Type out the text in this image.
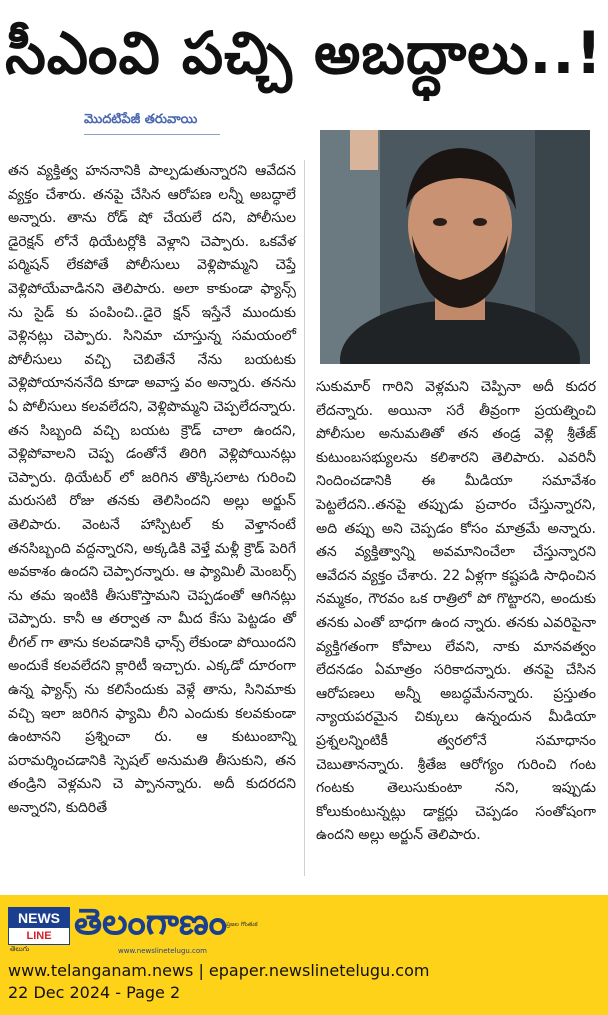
సీఎంవి పచ్చి అబద్ధాలు..!
మొదటిపేజీ తరువాయి

తన వ్యక్తిత్వ హననానికి పాల్పడుతున్నారని ఆవేదన వ్యక్తం చేశారు. తనపై చేసిన ఆరోపణ లన్నీ అబద్ధాలే అన్నారు. తాను రోడ్ షో చేయలే దని, పోలీసుల డైరెక్షన్ లోనే థియేటర్లోకి వెళ్లాని చెప్పారు. ఒకవేళ పర్మిషన్ లేకపోతే పోలీసులు వెళ్లిపొమ్మని చెప్తే వెళ్లిపోయేవాడినని తెలిపారు. అలా కాకుండా ఫ్యాన్స్ ను సైడ్ కు పంపించి..డైరె క్షన్ ఇస్తేనే ముందుకు వెళ్లినట్లు చెప్పారు. సినిమా చూస్తున్న సమయంలో పోలీసులు వచ్చి చెబితేనే నేను బయటకు వెళ్లిపోయానననేది కూడా అవాస్త వం అన్నారు. తనను ఏ పోలీసులు కలవలేదని, వెళ్లిపొమ్మని చెప్పలేదన్నారు. తన సిబ్బంది వచ్చి బయట క్రౌడ్ చాలా ఉందని, వెళ్లిపోవాలని చెప్ప డంతోనే తిరిగి వెళ్లిపోయినట్లు చెప్పారు. థియేటర్ లో జరిగిన తొక్కిసలాట గురించి మరుసటి రోజు తనకు తెలిసిందని అల్లు అర్జున్ తెలిపారు. వెంటనే హాస్పిటల్ కు వెళ్తానంటే తనసిబ్బంది వద్దన్నారని, అక్కడికి వెళ్తే మళ్లీ క్రౌడ్ పెరిగే అవకాశం ఉందని చెప్పారన్నారు. ఆ ఫ్యామిలీ మెంబర్స్ ను తమ ఇంటికి తీసుకొస్తామని చెప్పడంతో ఆగినట్లు చెప్పారు. కానీ ఆ తర్వాత నా మీద కేసు పెట్టడం తో లీగల్ గా తాను కలవడానికి ఛాన్స్ లేకుండా పోయిందని అందుకే కలవలేదని క్లారిటీ ఇచ్చారు. ఎక్కడో దూరంగా ఉన్న ఫ్యాన్స్ ను కలిసేందుకు వెళ్లే తాను, సినిమాకు వచ్చి ఇలా జరిగిన ఫ్యామి లీని ఎందుకు కలవకుండా ఉంటానని ప్రశ్నించా రు. ఆ కుటుంబాన్ని పరామర్శించడానికి స్పెషల్ అనుమతి తీసుకుని, తన తండ్రిని వెళ్లమని చె ప్పానన్నారు. అదీ కుదరదని అన్నారని, కుదిరితే

సుకుమార్ గారిని వెళ్లమని చెప్పినా అదీ కుదర లేదన్నారు. అయినా సరే తీవ్రంగా ప్రయత్నించి పోలీసుల అనుమతితో తన తండ్ర వెళ్లి శ్రీతేజ్ కుటుంబసభ్యులను కలిశారని తెలిపారు. ఎవరినీ నిందించడానికి ఈ మీడియా సమావేశం పెట్టలేదని..తనపై తప్పుడు ప్రచారం చేస్తున్నారని, అది తప్పు అని చెప్పడం కోసం మాత్రమే అన్నారు. తన వ్యక్తిత్వాన్ని అవమానించేలా చేస్తున్నారని ఆవేదన వ్యక్తం చేశారు. 22 ఏళ్లగా కష్టపడి సాధించిన నమ్మకం, గౌరవం ఒక రాత్రిలో పో గొట్టారని, అందుకు తనకు ఎంతో బాధగా ఉంద న్నారు. తనకు ఎవరిపైనా వ్యక్తిగతంగా కోపాలు లేవని, నాకు మానవత్వం లేదనడం ఏమాత్రం సరికాదన్నారు. తనపై చేసిన ఆరోపణలు అన్నీ అబద్ధమేనన్నారు. ప్రస్తుతం న్యాయపరమైన చిక్కులు ఉన్నందున మీడియా ప్రశ్నలన్నింటికీ త్వరలోనే సమాధానం చెబుతానన్నారు. శ్రీతేజ ఆరోగ్యం గురించి గంట గంటకు తెలుసుకుంటా నని, ఇప్పుడు కోలుకుంటున్నట్లు డాక్టర్లు చెప్పడం సంతోషంగా ఉందని అల్లు అర్జున్ తెలిపారు.

NEWS
LINE
తెలుగు
తెలంగాణం
www.newslinetelugu.com
ప్రజల గొంతుక
www.telanganam.news | epaper.newslinetelugu.com
22 Dec 2024 - Page 2
